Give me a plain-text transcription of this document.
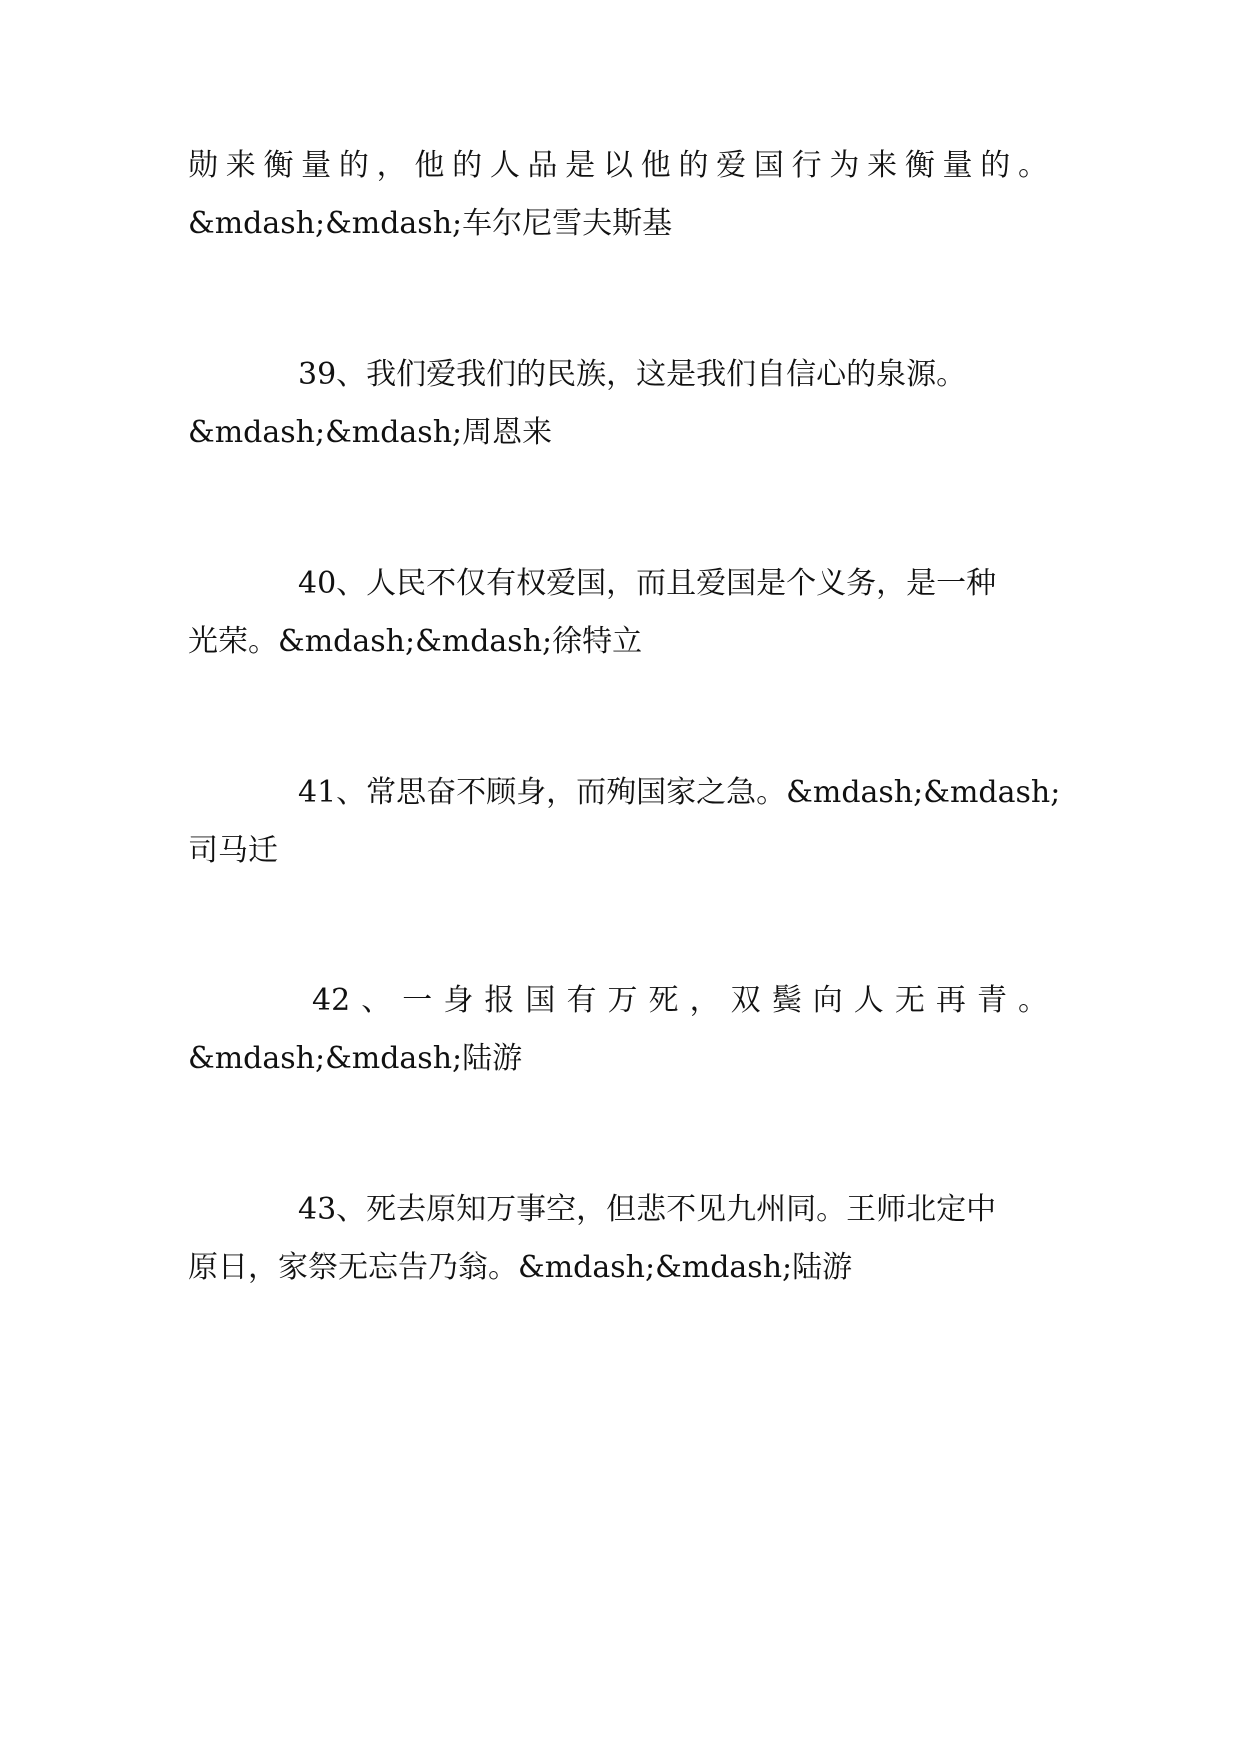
勋来衡量的，他的人品是以他的爱国行为来衡量的。
&mdash;&mdash;车尔尼雪夫斯基
39、我们爱我们的民族，这是我们自信心的泉源。
&mdash;&mdash;周恩来
40、人民不仅有权爱国，而且爱国是个义务，是一种
光荣。&mdash;&mdash;徐特立
41、常思奋不顾身，而殉国家之急。&mdash;&mdash;
司马迁
42、一身报国有万死，双鬓向人无再青。
&mdash;&mdash;陆游
43、死去原知万事空，但悲不见九州同。王师北定中
原日，家祭无忘告乃翁。&mdash;&mdash;陆游
